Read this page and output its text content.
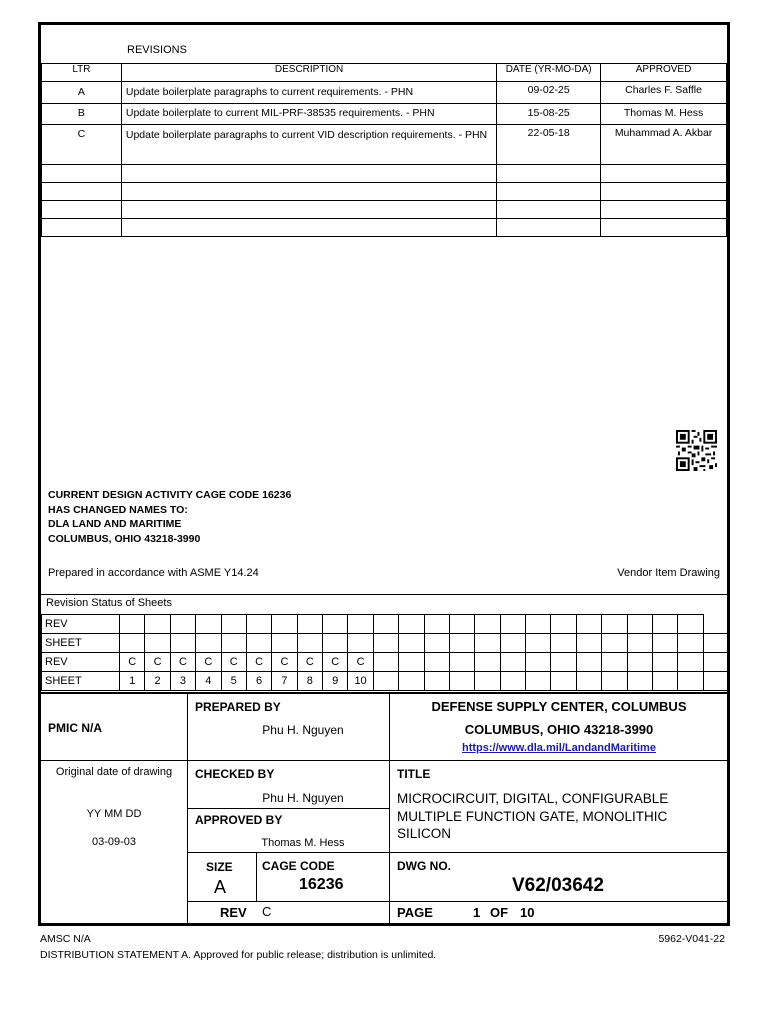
REVISIONS
LTR	DESCRIPTION	DATE (YR-MO-DA)	APPROVED
A	Update boilerplate paragraphs to current requirements. - PHN	09-02-25	Charles F. Saffle
B	Update boilerplate to current MIL-PRF-38535 requirements. - PHN	15-08-25	Thomas M. Hess
C	Update boilerplate paragraphs to current VID description requirements. - PHN	22-05-18	Muhammad A. Akbar

CURRENT DESIGN ACTIVITY CAGE CODE 16236
HAS CHANGED NAMES TO:
DLA LAND AND MARITIME
COLUMBUS, OHIO 43218-3990
Prepared in accordance with ASME Y14.24	Vendor Item Drawing
Revision Status of Sheets
REV																								
SHEET																								
REV	C	C	C	C	C	C	C	C	C	C														
SHEET	1	2	3	4	5	6	7	8	9	10														
PMIC N/A
PREPARED BY
Phu H. Nguyen
DEFENSE SUPPLY CENTER, COLUMBUS
COLUMBUS, OHIO 43218-3990
https://www.dla.mil/LandandMaritime
Original date of drawing
YY MM DD
03-09-03
CHECKED BY
Phu H. Nguyen
APPROVED BY
Thomas M. Hess
TITLE
MICROCIRCUIT, DIGITAL, CONFIGURABLE
MULTIPLE FUNCTION GATE, MONOLITHIC
SILICON
SIZE
A
CAGE CODE
16236
DWG NO.
V62/03642
REV C	PAGE	1 OF 10
AMSC N/A	5962-V041-22
DISTRIBUTION STATEMENT A. Approved for public release; distribution is unlimited.
